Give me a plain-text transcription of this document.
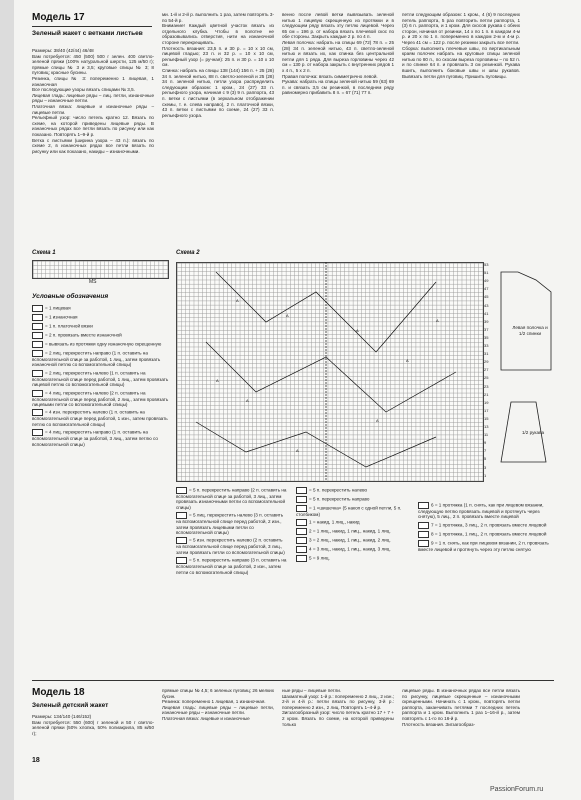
Модель 17
Зеленый жакет с ветками листьев
Размеры: 38/40 (42/44) 46/48
Вам потребуется: 450 (500) 500 г зелен. 400 светло-зеленой пряжи (100% натуральной шерсти, 125 м/50 г); прямые спицы № 3 и 3,5; круговые спицы № 3; 8 пуговиц; крaсные бусины.
Резинка, спицы № 3: попеременно 1 лицевая, 1 изнаночная
Все последующие узоры вязать спицами № 3,5.
Лицевая гладь: лицевые ряды – лиц. петли, изнаночные ряды – изнаночные петли.
Платочная вязка: лицевые и изнаночные ряды – лицевые петли.
Рельефный узор: число петель кратно 12. Вязать по схеме, на которой приведены лицевые ряды. В изнаночных рядах все петли вязать по рисунку или как показано. Повторять 1–9-й р.
Ветка с листьями (ширина узора – 43 п.): вязать по схеме 2, в изнаночных рядах все петли вязать по рисунку или как показано, накиды – изнаночными.
ми. 1-й и 2-й р. выполнить 1 раз, затем повторять 3-по 54-й р.
Внимание! Каждый цветной участок вязать из отдельного клубка. Чтобы в полотне не образовывались отверстия, нити на изнаночной стороне перекрещивать.
Плотность вязания: 23,5 п. и 30 р. = 10 х 10 см, лицевой гладью; 23 п. и 32 р. = 10 х 10 см, рельефный узор (= ручная): 25 п. и 30 р. = 10 х 10 см.
Спинка: набрать на спицы 138 (144) 156 п. + 25 (28) 34 п. зеленой нитью, 88 п. светло-зеленой и 25 (28) 34 п. зеленой нитью, петли узора распределить следующим образом: 1 кром., 24 (27) 33 п. рельефного узора, начиная с 9 (3) 9 п. раппорта, 43 п. ветки с листьями (в зеркальном отображении схемы, т. е. слева направо), 2 п. платочной вязки, 43 п. ветки с листьями по схеме, 24 (27) 33 п. рельефного узора.
венно после левой ветки вывязывать зеленой нитью 1 лицевую скрещенную из протяжки и в следующем ряду вязать эту петлю лицевой. Через 65 см = 196 р. от набора вязать плечевой скос по обе стороны. Закрыть каждые 2 р. по 4 п.
Левая полочка: набрать на спицы 69 (72) 78 п. = 25 (28) 34 п. зеленой нитью, 43 п. светло-зеленой нитью и вязать их, как спинка без центральной петли для 1 ряда. Для выреза горловины через 42 см = 130 р. от набора закрыть с внутренних рядов 1 х 4 п., 5 х 2 п.
Правая полочка: вязать симметрично левой.
Рукава: набрать на спицы зеленой нитью 59 (63) 69 п. и связать 3,5 см резинкой, в последнем ряду равномерно прибавить 8 п. = 67 (71) 77 п.
петли следующим образом: 1 кром., 4 (6) 9 последних петель раппорта, 5 раз повторить петли раппорта, 1 (3) 6 п. раппорта, и 1 кром. Для скосов рукава с обеих сторон, начиная от резинки, 14 х по 1 п. в каждом 4-м р. и 20 х по 1 п. попеременно в каждом 2-м и 4-м р. Через 41 см = 122 р. после резинки закрыть все петли.
Сборка: выполнить плечевые швы, по вертикальным краям полочек набрать на круговые спицы зеленой нитью по 80 п., по скосам выреза горловины – по 52 п. и по спинке 64 п. и провязать 3 см резинкой. Рукава вшить, выполнить боковые швы и швы рукавов. Вывязать петли для пуговиц. Пришить пуговицы.
Схема 1
MS
Условные обозначения
= 1 лицевая
= 1 изнаночная
= 1 п. платочной вязки
= 2 п. провязать вместе изнаночной
= вывязать из протяжки одну изнаночную скрещенную
= 2 лиц. перекрестить направо (1 п. оставить на вспомогательной спице за работой, 1 лиц., затем провязать изнаночной петлю со вспомогательной спицы)
= 2 лиц. перекрестить налево (1 п. оставить на вспомогательной спице перед работой, 1 лиц., затем провязать лицевой петлю со вспомогательной спицы)
= 4 лиц. перекрестить налево (2 п. оставить на вспомогательной спице перед работой, 2 лиц., затем провязать лицевыми петли со вспомогательной спицы)
= 4 изн. перекрестить налево (1 п. оставить на вспомогательной спице перед работой, 1 изн., затем провязать петлю со вспомогательной спицы)
= 4 лиц. перекрестить направо (1 п. оставить на вспомогательной спице за работой, 3 лиц., затем петлю со вспомогательной спицы)
Схема 2
A
A
A
A
A
A
A
A
A
53
51
49
47
45
43
41
39
37
35
33
31
29
27
25
23
21
19
17
15
13
11
9
7
5
3
1
Левая полочка и 1/2 спинки
1/2 рукава
= 5 п. перекрестить направо (2 п. оставить на вспомогательной спице за работой, 3 лиц., затем провязать изнаночными петли со вспомогательной спицы)
= 5 лиц. перекрестить налево (3 п. оставить на вспомогательной спице перед работой, 2 изн., затем провязать лицевыми петли со вспомогательной спицы)
= 5 изн. перекрестить налево (2 п. оставить на вспомогательной спице перед работой, 3 лиц., затем провязать петли со вспомогательной спицы)
= 5 п. перекрестить направо (3 п. оставить на вспомогательной спице за работой, 2 изн., затем петли со вспомогательной спицы)
= 5 п. перекрестить налево
= 5 п. перекрестить направо
= 1 «шишечка» (5 накоп с одной петли, 5 п. столбиком)
1 = накид, 1 лиц., накид
2 = 1 лиц., накид, 1 лиц., накид, 1 лиц.
3 = 2 лиц., накид, 1 лиц., накид, 2 лиц.
4 = 3 лиц., накид, 1 лиц., накид, 3 лиц.
5 = 9 лиц.
6 = 1 протяжка (1 п. снять, как при лицевом вязании, следующую петлю провязать лицевой и протянуть через снятую), 5 лиц., 2 п. провязать вместе лицевой
7 = 1 протяжка, 3 лиц., 2 п. провязать вместе лицевой
8 = 1 протяжка, 1 лиц., 2 п. провязать вместе лицевой
9 = 1 п. снять, как при лицевом вязании, 2 п. провязать вместе лицевой и протянуть через эту петлю снятую
Модель 18
Зеленый детский жакет
Размеры: 134/140 (146/152)
Вам потребуется: 550 (600) г зеленой и 50 г светло-зеленой пряжи (50% хлопка, 50% полиакрила, 85 м/50 г);
прямые спицы № 4,5; 6 зеленых пуговиц; 26 мелких бусин.
Резинка: попеременно 1 лицевая, 1 изнаночная.
Лицевая гладь: лицевые ряды – лицевые петли, изнаночные ряды – изнаночные петли.
Платочная вязка: лицевые и изнаночные
ные ряды – лицевые петли.
Шахматный узор: 1-й р.: попеременно 2 лиц., 2 изн.; 2-й и 4-й р.: петли вязать по рисунку, 3-й р.: попеременно 2 изн., 2 лиц. Повторять 1–4-й р.
Зигзагообразный узор: число петель кратно 17 + 7 + 2 кром. Вязать по схеме, на которой приведены только
лицевые ряды. В изнаночных рядах все петли вязать по рисунку, лицевые скрещенные – изнаночными скрещенными. Начинать с 1 кром., повторять петли раппорта, заканчивать петлями 7 последних петель раппорта и 1 кром. Выполнить 1 раз 1–16-й р., затем повторять с 1-го по 16-й р.
Плотность вязания. Зигзагообраз-
18
PassionForum.ru
